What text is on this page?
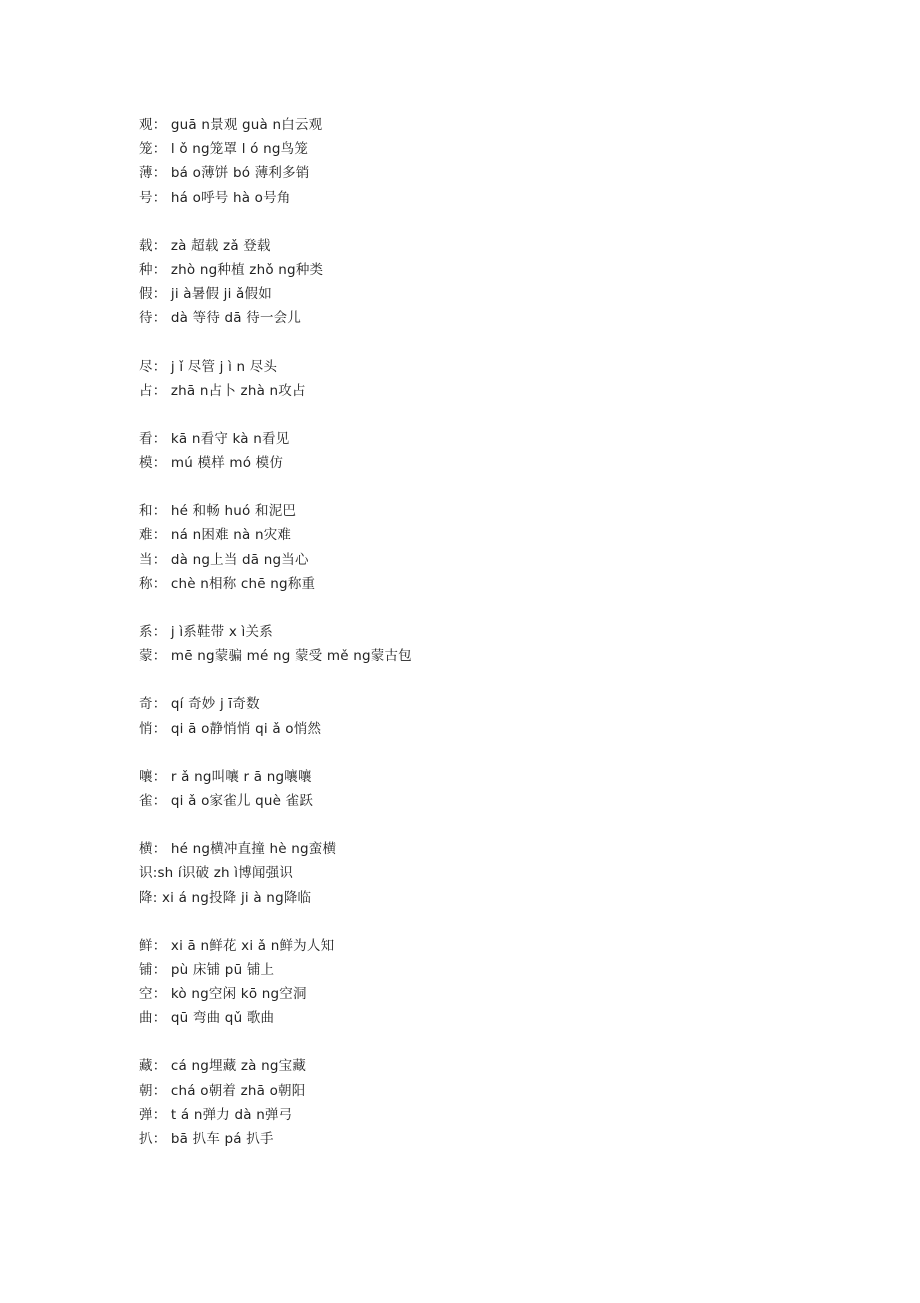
观： guā n景观 guà n白云观
笼： l ǒ ng笼罩 l ó ng鸟笼
薄： bá o薄饼 bó 薄利多销
号： há o呼号 hà o号角
载： zà 超载 zǎ 登载
种： zhò ng种植 zhǒ ng种类
假： ji à暑假 ji ǎ假如
待： dà 等待 dā 待一会儿
尽： j ǐ 尽管 j ì n 尽头
占： zhā n占卜 zhà n攻占
看： kā n看守 kà n看见
模： mú 模样 mó 模仿
和： hé 和畅 huó 和泥巴
难： ná n困难 nà n灾难
当： dà ng上当 dā ng当心
称： chè n相称 chē ng称重
系： j ì系鞋带 x ì关系
蒙： mē ng蒙骗 mé ng 蒙受 mě ng蒙古包
奇： qí 奇妙 j ī奇数
悄： qi ā o静悄悄 qi ǎ o悄然
嚷： r ǎ ng叫嚷 r ā ng嚷嚷
雀： qi ǎ o家雀儿 què 雀跃
横： hé ng横冲直撞 hè ng蛮横
识:sh í识破 zh ì博闻强识
降: xi á ng投降 ji à ng降临
鲜： xi ā n鲜花 xi ǎ n鲜为人知
铺： pù 床铺 pū 铺上
空： kò ng空闲 kō ng空洞
曲： qū 弯曲 qǔ 歌曲
藏： cá ng埋藏 zà ng宝藏
朝： chá o朝着 zhā o朝阳
弹： t á n弹力 dà n弹弓
扒： bā 扒车 pá 扒手
